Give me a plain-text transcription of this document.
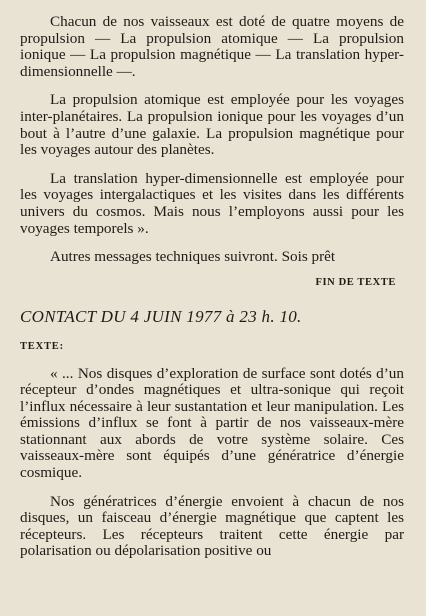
Chacun de nos vaisseaux est doté de quatre moyens de propulsion — La propulsion atomique — La propulsion ionique — La propulsion magnétique — La translation hyper-dimensionnelle —.

La propulsion atomique est employée pour les voyages inter-planétaires. La propulsion ionique pour les voyages d’un bout à l’autre d’une galaxie. La propulsion magnétique pour les voyages autour des planètes.

La translation hyper-dimensionnelle est employée pour les voyages intergalactiques et les visites dans les différents univers du cosmos. Mais nous l’employons aussi pour les voyages temporels ».

Autres messages techniques suivront. Sois prêt

FIN DE TEXTE

CONTACT DU 4 JUIN 1977 à 23 h. 10.

TEXTE:

« ... Nos disques d’exploration de surface sont dotés d’un récepteur d’ondes magnétiques et ultra-sonique qui reçoit l’influx nécessaire à leur sustantation et leur manipulation. Les émissions d’influx se font à partir de nos vaisseaux-mère stationnant aux abords de votre système solaire. Ces vaisseaux-mère sont équipés d’une génératrice d’énergie cosmique.

Nos génératrices d’énergie envoient à chacun de nos disques, un faisceau d’énergie magnétique que captent les récepteurs. Les récepteurs traitent cette énergie par polarisation ou dépolarisation positive ou
